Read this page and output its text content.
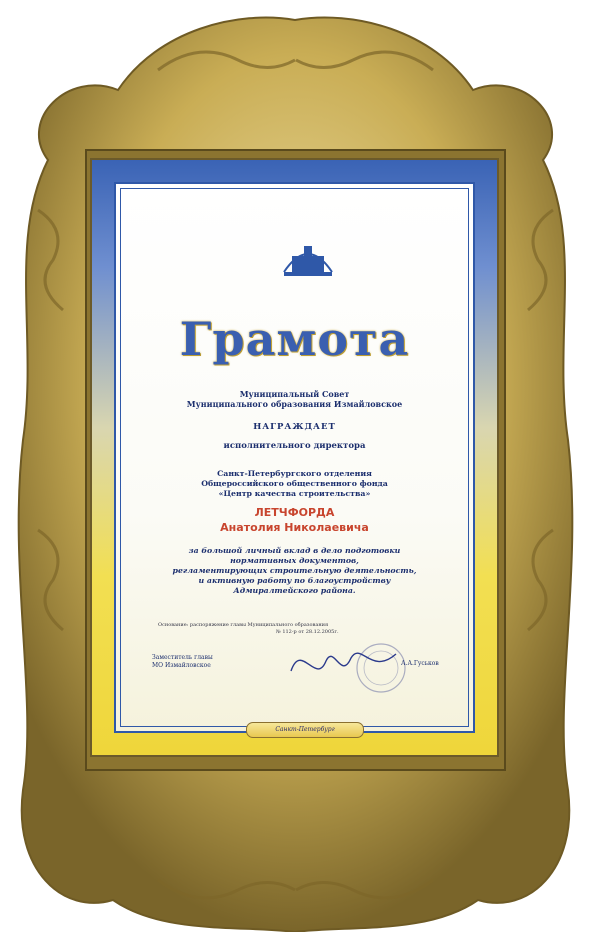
Грамота
Муниципальный Совет
Муниципального образования Измайловское
НАГРАЖДАЕТ
исполнительного директора
Санкт-Петербургского отделения
Общероссийского общественного фонда
«Центр качества строительства»
ЛЕТЧФОРДА
Анатолия Николаевича
за большой личный вклад в дело подготовки
нормативных документов,
регламентирующих строительную деятельность,
и активную работу по благоустройству
Адмиралтейского района.
Основание: распоряжение главы Муниципального образования
№ 112-р от 28.12.2005г.
Заместитель главы
МО Измайловское	А.А.Гуськов
Санкт-Петербург
